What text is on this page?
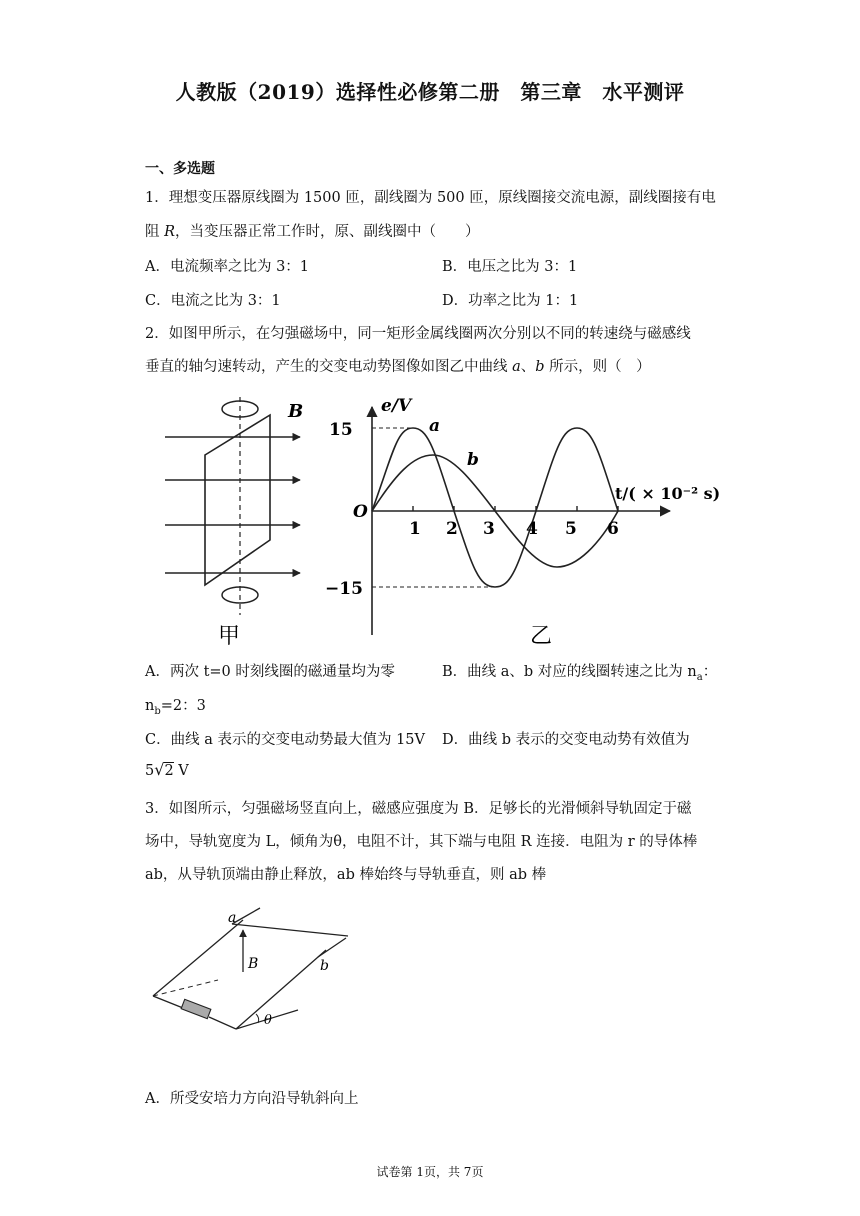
人教版（2019）选择性必修第二册　第三章　水平测评
一、多选题
1．理想变压器原线圈为 1500 匝，副线圈为 500 匝，原线圈接交流电源，副线圈接有电
阻 R，当变压器正常工作时，原、副线圈中（　　）
A．电流频率之比为 3：1	B．电压之比为 3：1
C．电流之比为 3：1	D．功率之比为 1：1
2．如图甲所示，在匀强磁场中，同一矩形金属线圈两次分别以不同的转速绕与磁感线
垂直的轴匀速转动，产生的交变电动势图像如图乙中曲线 a、b 所示，则（　）
B
甲
e/V
15
−15
O
a
b
t/( × 10⁻² s)
1 2 3 4 5 6
乙
A．两次 t=0 时刻线圈的磁通量均为零	B．曲线 a、b 对应的线圈转速之比为 $n_a$：
$n_b=2$：3
C．曲线 a 表示的交变电动势最大值为 15V D．曲线 b 表示的交变电动势有效值为
5√2 V
3．如图所示，匀强磁场竖直向上，磁感应强度为 B．足够长的光滑倾斜导轨固定于磁
场中，导轨宽度为 L，倾角为θ，电阻不计，其下端与电阻 R 连接．电阻为 r 的导体棒
ab，从导轨顶端由静止释放，ab 棒始终与导轨垂直，则 ab 棒
B
a
b
θ
A．所受安培力方向沿导轨斜向上
试卷第 1页，共 7页
